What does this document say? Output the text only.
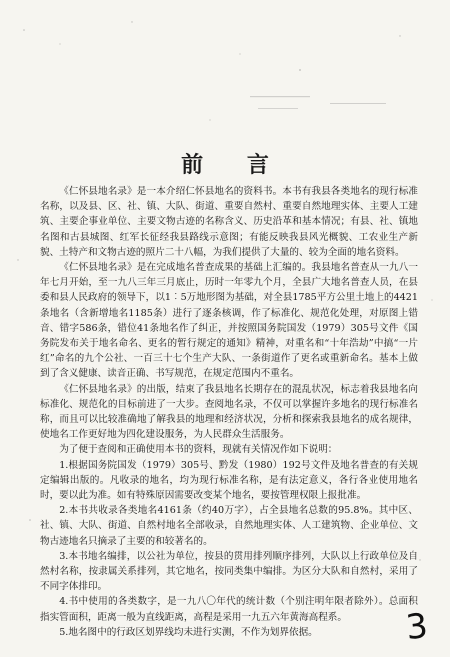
前 言

《仁怀县地名录》是一本介绍仁怀县地名的资料书。本书有我县各类地名的现行标准名称，以及县、区、社、镇、大队、街道、重要自然村、重要自然地理实体、主要人工建筑、主要企事业单位、主要文物古迹的名称含义、历史沿革和基本情况；有县、社、镇地名图和古县城图、红军长征经我县路线示意图；有能反映我县风光概貌、工农业生产新貌、土特产和文物古迹的照片二十八幅，为我们提供了大量的、较为全面的地名资料。

《仁怀县地名录》是在完成地名普查成果的基础上汇编的。我县地名普查从一九八一年七月开始，至一九八三年三月底止，历时一年零九个月，全县广大地名普查人员，在县委和县人民政府的领导下，以1︰5万地形图为基础，对全县1785平方公里土地上的4421条地名（含新增地名1185条）进行了逐条核调，作了标准化、规范化处理，对原图上错音、错字586条，错位41条地名作了纠正，并按照国务院国发（1979）305号文件《国务院发布关于地名命名、更名的暂行规定的通知》精神，对重名和“十年浩劫”中搞“一片红”命名的九个公社、一百三十七个生产大队、一条街道作了更名或重新命名。基本上做到了含义健康、读音正确、书写规范，在规定范围内不重名。

《仁怀县地名录》的出版，结束了我县地名长期存在的混乱状况，标志着我县地名向标准化、规范化的目标前进了一大步。查阅地名录，不仅可以掌握许多地名的现行标准名称，而且可以比较准确地了解我县的地理和经济状况，分析和探索我县地名的成名规律，使地名工作更好地为四化建设服务，为人民群众生活服务。

为了便于查阅和正确使用本书的资料，现就有关情况作如下说明：

1.根据国务院国发（1979）305号、黔发（1980）192号文件及地名普查的有关规定编辑出版的。凡收录的地名，均为现行标准名称，是有法定意义，各行各业使用地名时，要以此为准。如有特殊原因需要改变某个地名，要按管理权限上报批准。

2.本书共收录各类地名4161条（约40万字），占全县地名总数的95.8%。其中区、社、镇、大队、街道、自然村地名全部收录，自然地理实体、人工建筑物、企业单位、文物古迹地名只摘录了主要的和较著名的。

3.本书地名编排，以公社为单位，按县的贯用排列顺序排列，大队以上行政单位及自然村名称，按隶属关系排列，其它地名，按同类集中编排。为区分大队和自然村，采用了不同字体排印。

4.书中使用的各类数字，是一九八〇年代的统计数（个别注明年限者除外）。总面积指实管面积，距离一般为直线距离，高程是采用一九五六年黄海高程系。

5.地名图中的行政区划界线均未进行实测，不作为划界依据。	3
